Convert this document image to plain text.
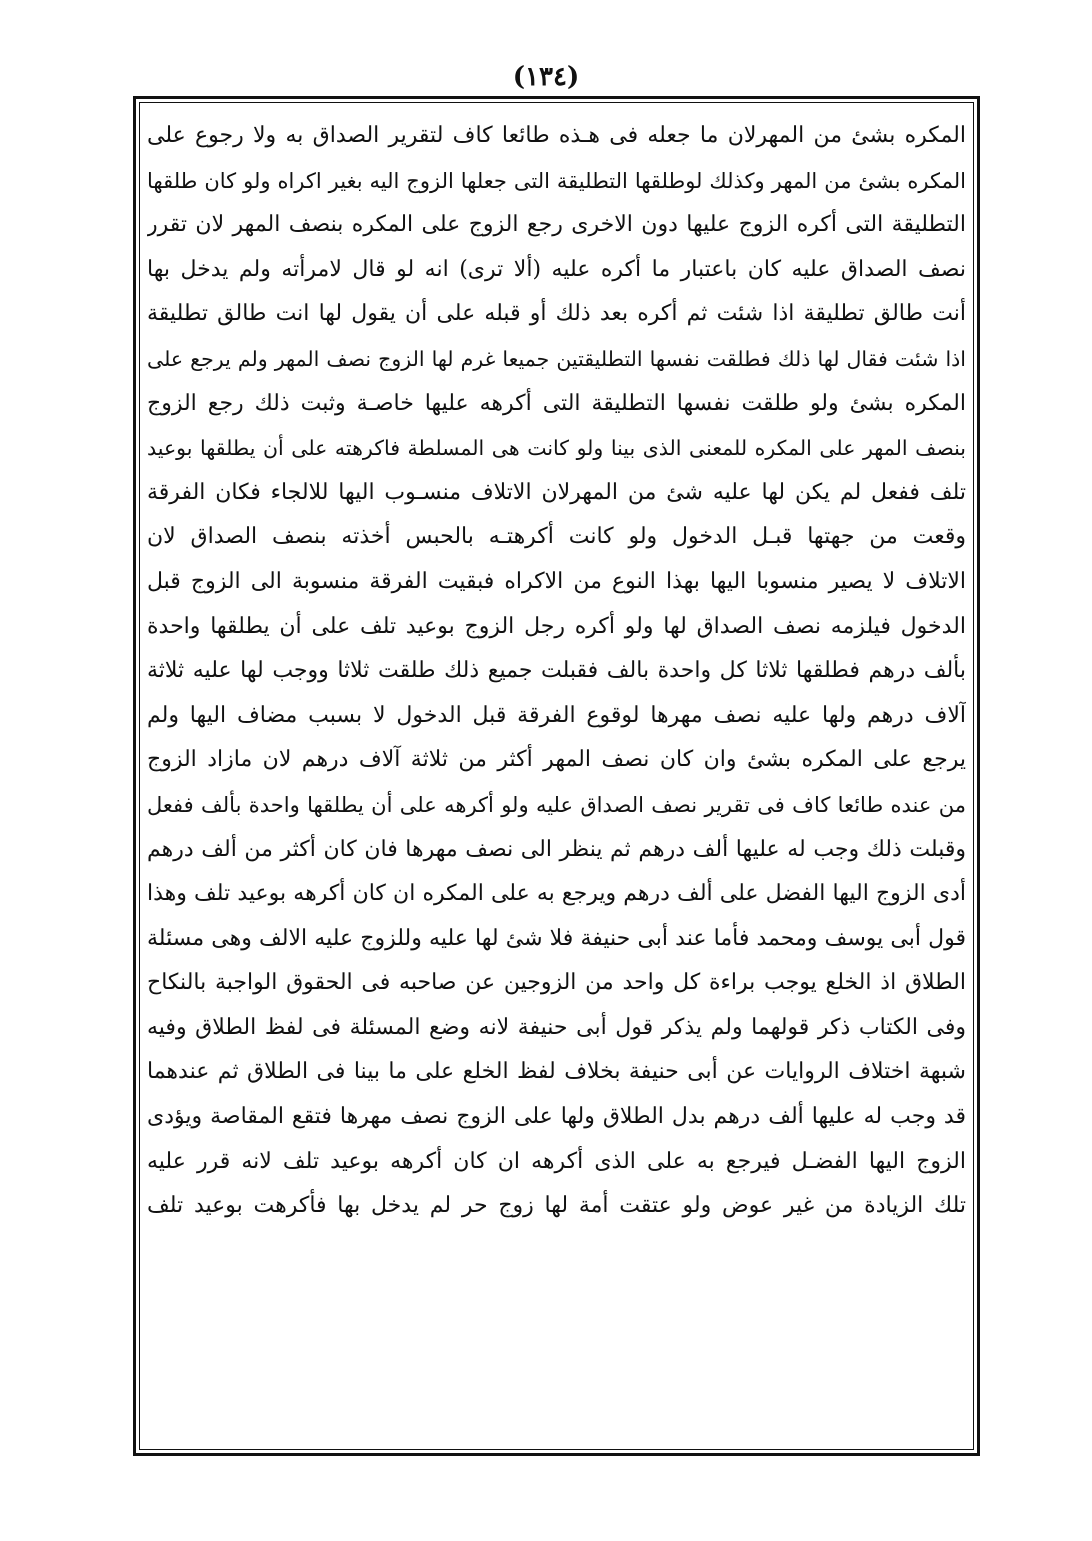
(١٣٤)
المكره بشئ من المهرلان ما جعله فى هـذه طائعا كاف لتقرير الصداق به ولا رجوع على
المكره بشئ من المهر وكذلك لوطلقها التطليقة التى جعلها الزوج اليه بغير اكراه ولو كان طلقها
التطليقة التى أكره الزوج عليها دون الاخرى رجع الزوج على المكره بنصف المهر لان تقرر
نصف الصداق عليه كان باعتبار ما أكره عليه (ألا ترى) انه لو قال لامرأته ولم يدخل بها
أنت طالق تطليقة اذا شئت ثم أكره بعد ذلك أو قبله على أن يقول لها انت طالق تطليقة
اذا شئت فقال لها ذلك فطلقت نفسها التطليقتين جميعا غرم لها الزوج نصف المهر ولم يرجع على
المكره بشئ ولو طلقت نفسها التطليقة التى أكرهه عليها خاصـة وثبت ذلك رجع الزوج
بنصف المهر على المكره للمعنى الذى بينا ولو كانت هى المسلطة فاكرهته على أن يطلقها بوعيد
تلف ففعل لم يكن لها عليه شئ من المهرلان الاتلاف منسـوب اليها للالجاء فكان الفرقة
وقعت من جهتها قبـل الدخول ولو كانت أكرهتـه بالحبس أخذته بنصف الصداق لان
الاتلاف لا يصير منسوبا اليها بهذا النوع من الاكراه فبقيت الفرقة منسوبة الى الزوج قبل
الدخول فيلزمه نصف الصداق لها ولو أكره رجل الزوج بوعيد تلف على أن يطلقها واحدة
بألف درهم فطلقها ثلاثا كل واحدة بالف فقبلت جميع ذلك طلقت ثلاثا ووجب لها عليه ثلاثة
آلاف درهم ولها عليه نصف مهرها لوقوع الفرقة قبل الدخول لا بسبب مضاف اليها ولم
يرجع على المكره بشئ وان كان نصف المهر أكثر من ثلاثة آلاف درهم لان مازاد الزوج
من عنده طائعا كاف فى تقرير نصف الصداق عليه ولو أكرهه على أن يطلقها واحدة بألف ففعل
وقبلت ذلك وجب له عليها ألف درهم ثم ينظر الى نصف مهرها فان كان أكثر من ألف درهم
أدى الزوج اليها الفضل على ألف درهم ويرجع به على المكره ان كان أكرهه بوعيد تلف وهذا
قول أبى يوسف ومحمد فأما عند أبى حنيفة فلا شئ لها عليه وللزوج عليه الالف وهى مسئلة
الطلاق اذ الخلع يوجب براءة كل واحد من الزوجين عن صاحبه فى الحقوق الواجبة بالنكاح
وفى الكتاب ذكر قولهما ولم يذكر قول أبى حنيفة لانه وضع المسئلة فى لفظ الطلاق وفيه
شبهة اختلاف الروايات عن أبى حنيفة بخلاف لفظ الخلع على ما بينا فى الطلاق ثم عندهما
قد وجب له عليها ألف درهم بدل الطلاق ولها على الزوج نصف مهرها فتقع المقاصة ويؤدى
الزوج اليها الفضـل فيرجع به على الذى أكرهه ان كان أكرهه بوعيد تلف لانه قرر عليه
تلك الزيادة من غير عوض ولو عتقت أمة لها زوج حر لم يدخل بها فأكرهت بوعيد تلف
